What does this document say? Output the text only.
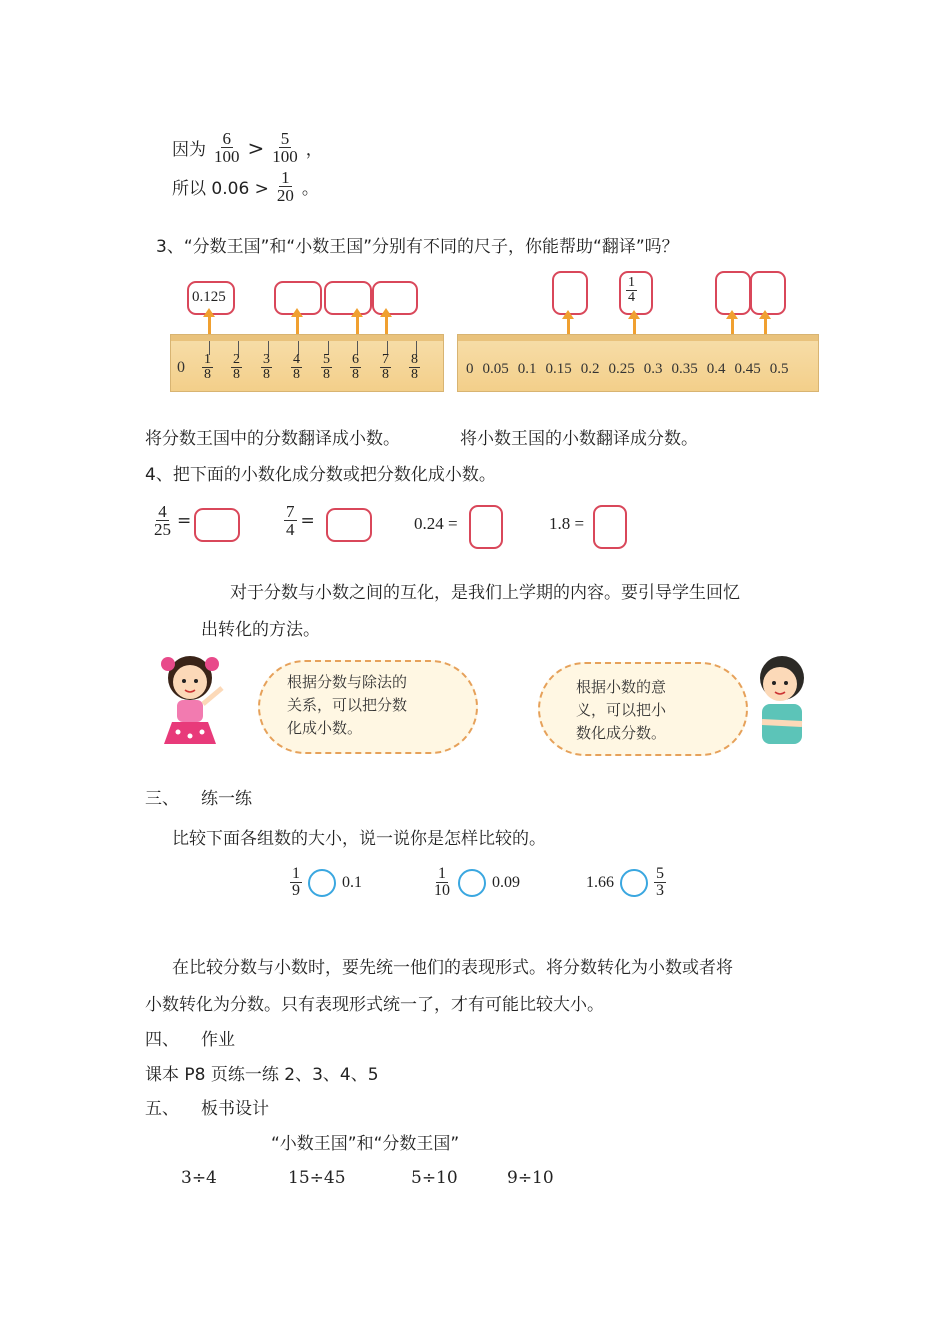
因为 $\frac{6}{100} > \frac{5}{100}$ ，
所以 $0.06 > \frac{1}{20}$ 。
3、“分数王国”和“小数王国”分别有不同的尺子，你能帮助“翻译”吗？
0.125
$0 \frac{1}{8} \frac{2}{8} \frac{3}{8} \frac{4}{8} \frac{5}{8} \frac{6}{8} \frac{7}{8} \frac{8}{8}$
$\frac{1}{4}$
0 0.05 0.1 0.15 0.2 0.25 0.3 0.35 0.4 0.45 0.5
将分数王国中的分数翻译成小数。	将小数王国的小数翻译成分数。
4、把下面的小数化成分数或把分数化成小数。
$\frac{4}{25}$ =	$\frac{7}{4}$ =	0.24 =	1.8 =
对于分数与小数之间的互化，是我们上学期的内容。要引导学生回忆
出转化的方法。
根据分数与除法的
关系，可以把分数
化成小数。
根据小数的意
义，可以把小
数化成分数。
三、 练一练
比较下面各组数的大小，说一说你是怎样比较的。
$\frac{1}{9}$	0.1	$\frac{1}{10}$	0.09	1.66	$\frac{5}{3}$
在比较分数与小数时，要先统一他们的表现形式。将分数转化为小数或者将
小数转化为分数。只有表现形式统一了，才有可能比较大小。
四、 作业
课本 P8 页练一练 2、3、4、5
五、 板书设计
“小数王国”和“分数王国”
3÷4	15÷45	5÷10	9÷10
